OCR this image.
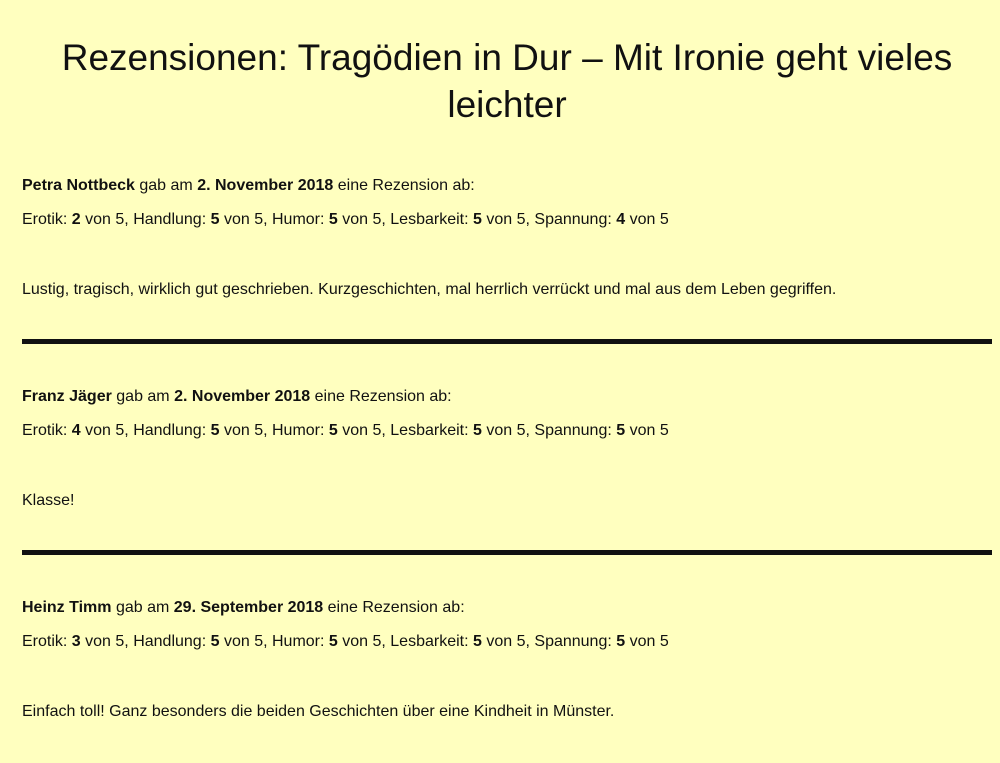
Rezensionen: Tragödien in Dur – Mit Ironie geht vieles leichter
Petra Nottbeck gab am 2. November 2018 eine Rezension ab:
Erotik: 2 von 5, Handlung: 5 von 5, Humor: 5 von 5, Lesbarkeit: 5 von 5, Spannung: 4 von 5
Lustig, tragisch, wirklich gut geschrieben. Kurzgeschichten, mal herrlich verrückt und mal aus dem Leben gegriffen.
Franz Jäger gab am 2. November 2018 eine Rezension ab:
Erotik: 4 von 5, Handlung: 5 von 5, Humor: 5 von 5, Lesbarkeit: 5 von 5, Spannung: 5 von 5
Klasse!
Heinz Timm gab am 29. September 2018 eine Rezension ab:
Erotik: 3 von 5, Handlung: 5 von 5, Humor: 5 von 5, Lesbarkeit: 5 von 5, Spannung: 5 von 5
Einfach toll! Ganz besonders die beiden Geschichten über eine Kindheit in Münster.
